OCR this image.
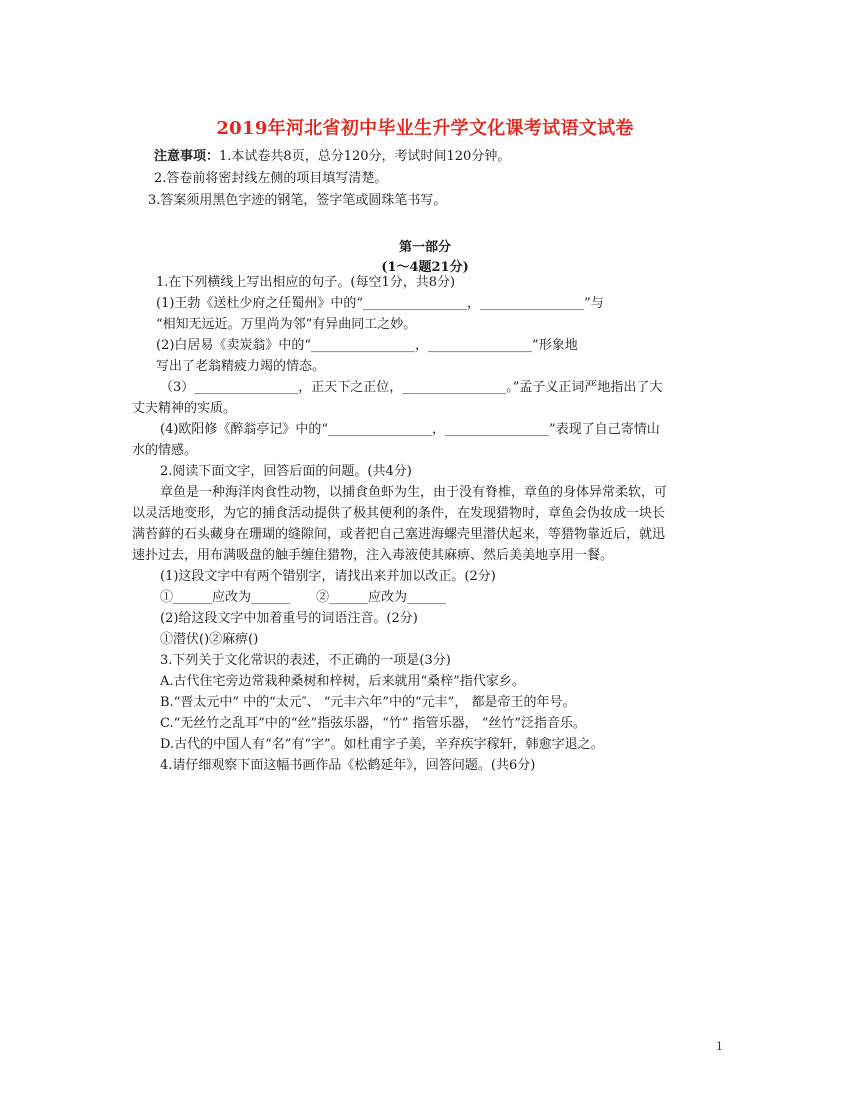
2019年河北省初中毕业生升学文化课考试语文试卷
注意事项：1.本试卷共8页，总分120分，考试时间120分钟。
2.答卷前将密封线左侧的项目填写清楚。
3.答案须用黑色字迹的钢笔，签字笔或圆珠笔书写。
第一部分
(1～4题21分)
1.在下列横线上写出相应的句子。(每空1分，共8分)
(1)王勃《送杜少府之任蜀州》中的“________________，________________”与
“相知无远近。万里尚为邻”有异曲同工之妙。
(2)白居易《卖炭翁》中的“________________，________________”形象地
写出了老翁精疲力竭的情态。
（3）________________，正天下之正位，________________。”孟子义正词严地指出了大
丈夫精神的实质。
(4)欧阳修《醉翁亭记》中的“________________，________________”表现了自己寄情山
水的情感。
2.阅读下面文字，回答后面的问题。(共4分)
章鱼是一种海洋肉食性动物，以捕食鱼虾为生，由于没有脊椎，章鱼的身体异常柔软，可
以灵活地变形，为它的捕食活动提供了极其便利的条件，在发现猎物时，章鱼会伪妆成一块长
满苔藓的石头藏身在珊瑚的缝隙间，或者把自己塞进海螺壳里潜伏起来，等猎物靠近后，就迅
速扑过去，用布满吸盘的触手缠住猎物，注入毒液使其麻痹、然后美美地享用一餐。
(1)这段文字中有两个错别字，请找出来并加以改正。(2分)
①______应改为______　　②______应改为______
(2)给这段文字中加着重号的词语注音。(2分)
①潜伏()②麻痹()
3.下列关于文化常识的表述，不正确的一项是(3分)
A.古代住宅旁边常栽种桑树和梓树，后来就用“桑梓”指代家乡。
B.“晋太元中” 中的“太元″、 “元丰六年”中的“元丰”， 都是帝王的年号。
C.“无丝竹之乱耳”中的“丝”指弦乐器，“竹” 指管乐器， “丝竹”泛指音乐。
D.古代的中国人有“名”有“字”。如杜甫字子美，辛弃疾字稼轩，韩愈字退之。
4.请仔细观察下面这幅书画作品《松鹤延年》，回答问题。(共6分)
1
